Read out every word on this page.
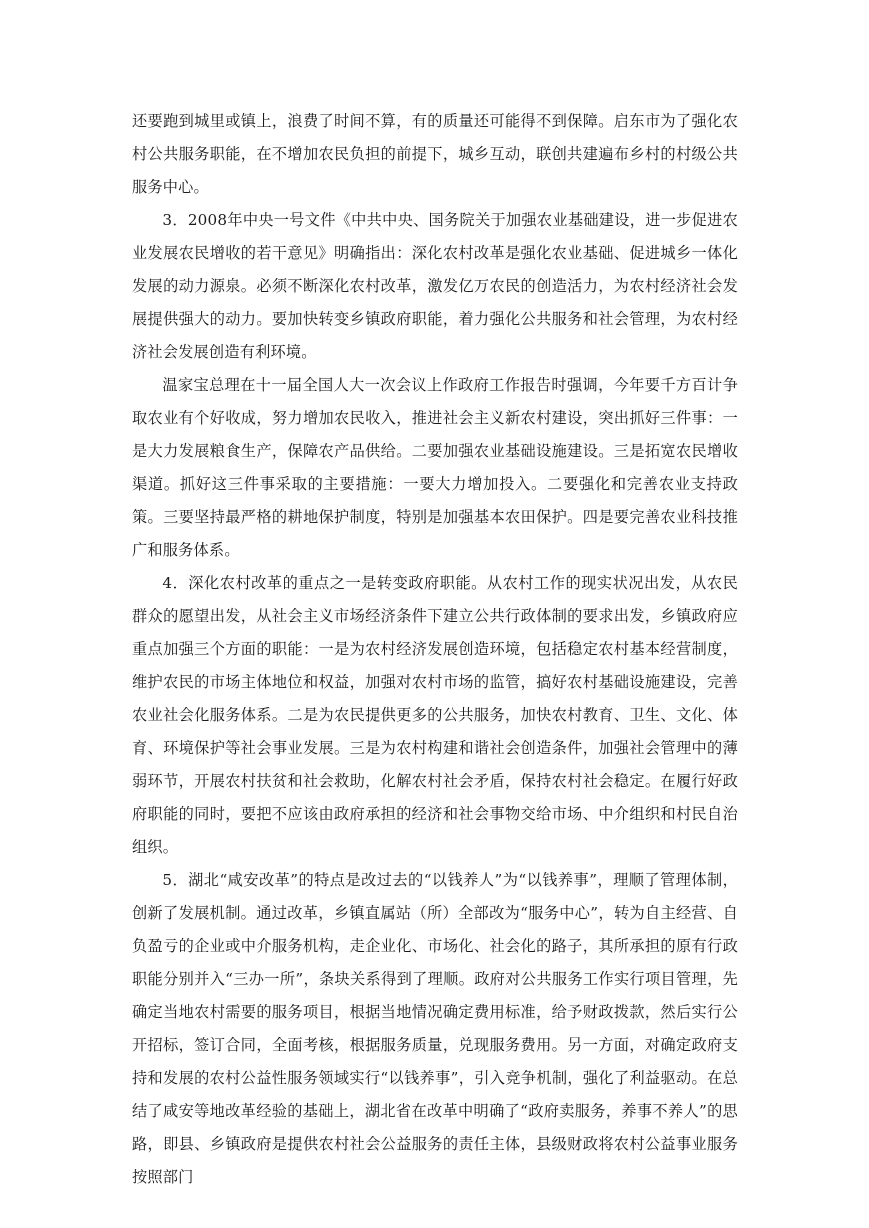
还要跑到城里或镇上，浪费了时间不算，有的质量还可能得不到保障。启东市为了强化农村公共服务职能，在不增加农民负担的前提下，城乡互动，联创共建遍布乡村的村级公共服务中心。

3．2008年中央一号文件《中共中央、国务院关于加强农业基础建设，进一步促进农业发展农民增收的若干意见》明确指出：深化农村改革是强化农业基础、促进城乡一体化发展的动力源泉。必须不断深化农村改革，激发亿万农民的创造活力，为农村经济社会发展提供强大的动力。要加快转变乡镇政府职能，着力强化公共服务和社会管理，为农村经济社会发展创造有利环境。

温家宝总理在十一届全国人大一次会议上作政府工作报告时强调，今年要千方百计争取农业有个好收成，努力增加农民收入，推进社会主义新农村建设，突出抓好三件事：一是大力发展粮食生产，保障农产品供给。二要加强农业基础设施建设。三是拓宽农民增收渠道。抓好这三件事采取的主要措施：一要大力增加投入。二要强化和完善农业支持政策。三要坚持最严格的耕地保护制度，特别是加强基本农田保护。四是要完善农业科技推广和服务体系。

4．深化农村改革的重点之一是转变政府职能。从农村工作的现实状况出发，从农民群众的愿望出发，从社会主义市场经济条件下建立公共行政体制的要求出发，乡镇政府应重点加强三个方面的职能：一是为农村经济发展创造环境，包括稳定农村基本经营制度，维护农民的市场主体地位和权益，加强对农村市场的监管，搞好农村基础设施建设，完善农业社会化服务体系。二是为农民提供更多的公共服务，加快农村教育、卫生、文化、体育、环境保护等社会事业发展。三是为农村构建和谐社会创造条件，加强社会管理中的薄弱环节，开展农村扶贫和社会救助，化解农村社会矛盾，保持农村社会稳定。在履行好政府职能的同时，要把不应该由政府承担的经济和社会事物交给市场、中介组织和村民自治组织。

5．湖北“咸安改革”的特点是改过去的“以钱养人”为“以钱养事”，理顺了管理体制，创新了发展机制。通过改革，乡镇直属站（所）全部改为“服务中心”，转为自主经营、自负盈亏的企业或中介服务机构，走企业化、市场化、社会化的路子，其所承担的原有行政职能分别并入“三办一所”，条块关系得到了理顺。政府对公共服务工作实行项目管理，先确定当地农村需要的服务项目，根据当地情况确定费用标准，给予财政拨款，然后实行公开招标，签订合同，全面考核，根据服务质量，兑现服务费用。另一方面，对确定政府支持和发展的农村公益性服务领域实行“以钱养事”，引入竞争机制，强化了利益驱动。在总结了咸安等地改革经验的基础上，湖北省在改革中明确了“政府卖服务，养事不养人”的思路，即县、乡镇政府是提供农村社会公益服务的责任主体，县级财政将农村公益事业服务按照部门
